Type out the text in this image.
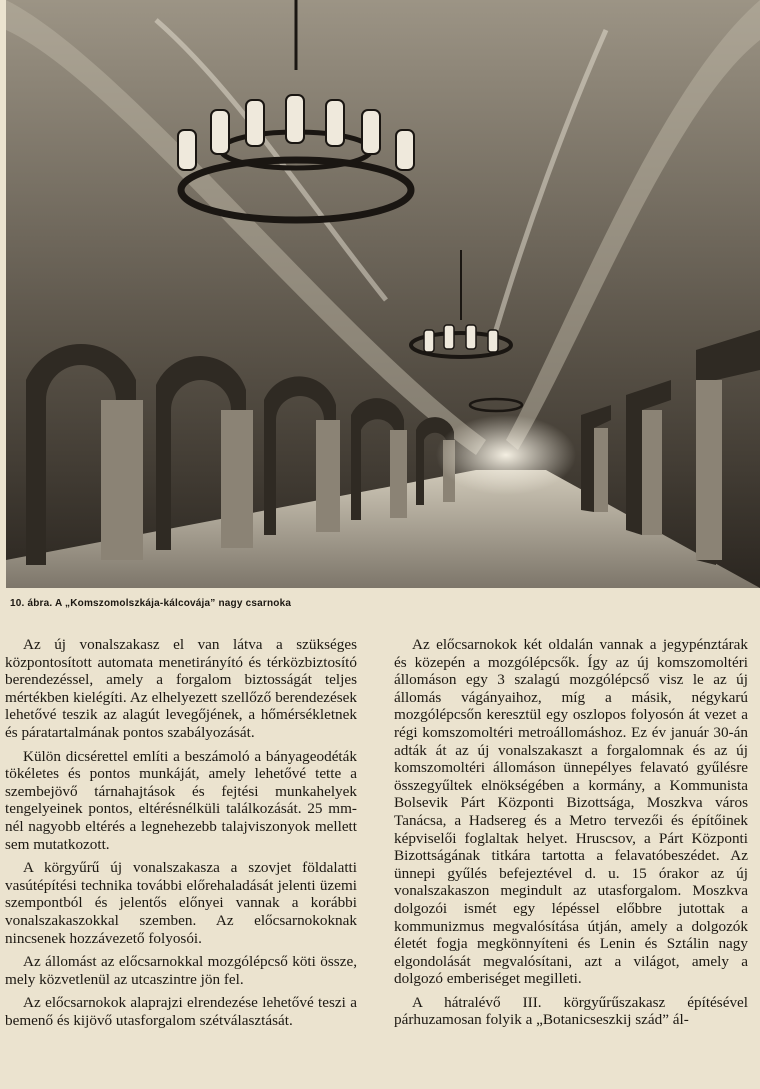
10. ábra. A „Komszomolszkája-kálcovája” nagy csarnoka

Az új vonalszakasz el van látva a szükséges központosított automata menetirányító és térközbiztosító berendezéssel, amely a forgalom biztosságát teljes mértékben kielégíti. Az elhelyezett szellőző berendezések lehetővé teszik az alagút levegőjének, a hőmérsékletnek és páratartalmának pontos szabályozását.

Külön dicsérettel említi a beszámoló a bányageodéták tökéletes és pontos munkáját, amely lehetővé tette a szembejövő tárnahajtások és fejtési munkahelyek tengelyeinek pontos, eltérésnélküli találkozását. 25 mm-nél nagyobb eltérés a legnehezebb talajviszonyok mellett sem mutatkozott.

A körgyűrű új vonalszakasza a szovjet földalatti vasútépítési technika további előrehaladását jelenti üzemi szempontból és jelentős előnyei vannak a korábbi vonalszakaszokkal szemben. Az előcsarnokoknak nincsenek hozzávezető folyosói.

Az állomást az előcsarnokkal mozgólépcső köti össze, mely közvetlenül az utcaszintre jön fel.

Az előcsarnokok alaprajzi elrendezése lehetővé teszi a bemenő és kijövő utasforgalom szétválasztását.

Az előcsarnokok két oldalán vannak a jegypénztárak és közepén a mozgólépcsők. Így az új komszomoltéri állomáson egy 3 szalagú mozgólépcső visz le az új állomás vágányaihoz, míg a másik, négykarú mozgólépcsőn keresztül egy oszlopos folyosón át vezet a régi komszomoltéri metroállomáshoz. Ez év január 30-án adták át az új vonalszakaszt a forgalomnak és az új komszomoltéri állomáson ünnepélyes felavató gyűlésre összegyűltek elnökségében a kormány, a Kommunista Bolsevik Párt Központi Bizottsága, Moszkva város Tanácsa, a Hadsereg és a Metro tervezői és építőinek képviselői foglaltak helyet. Hruscsov, a Párt Központi Bizottságának titkára tartotta a felavatóbeszédet. Az ünnepi gyűlés befejeztével d. u. 15 órakor az új vonalszakaszon megindult az utasforgalom. Moszkva dolgozói ismét egy lépéssel előbbre jutottak a kommunizmus megvalósítása útján, amely a dolgozók életét fogja megkönnyíteni és Lenin és Sztálin nagy elgondolását megvalósítani, azt a világot, amely a dolgozó emberiséget megilleti.

A hátralévő III. körgyűrűszakasz építésével párhuzamosan folyik a „Botanicseszkij szád” ál-
